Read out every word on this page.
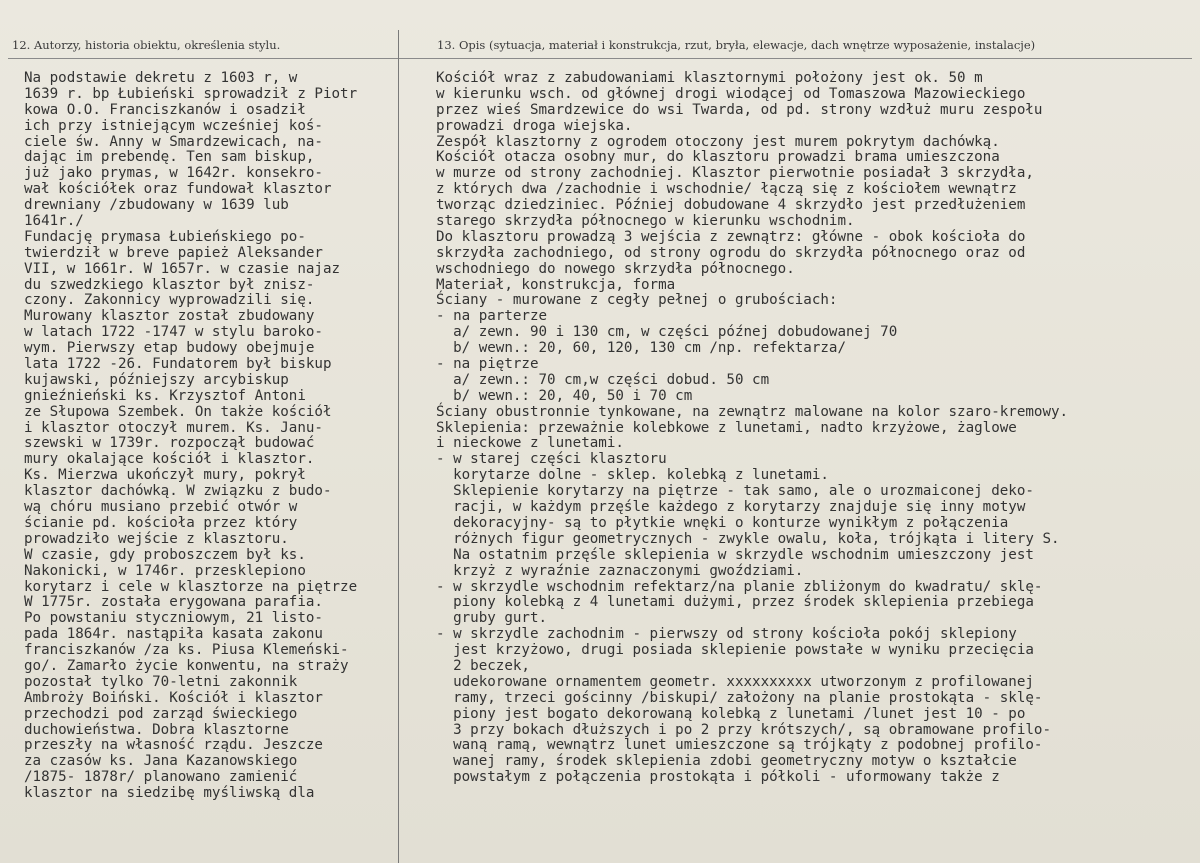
12. Autorzy, historia obiektu, określenia stylu.	13. Opis (sytuacja, materiał i konstrukcja, rzut, bryła, elewacje, dach wnętrze wyposażenie, instalacje)
Na podstawie dekretu z 1603 r, w
1639 r. bp Łubieński sprowadził z Piotr
kowa O.O. Franciszkanów i osadził
ich przy istniejącym wcześniej koś-
ciele św. Anny w Smardzewicach, na-
dając im prebendę. Ten sam biskup,
już jako prymas, w 1642r. konsekro-
wał kościółek oraz fundował klasztor
drewniany /zbudowany w 1639 lub
1641r./
Fundację prymasa Łubieńskiego po-
twierdził w breve papież Aleksander
VII, w 1661r. W 1657r. w czasie najaz
du szwedzkiego klasztor był znisz-
czony. Zakonnicy wyprowadzili się.
Murowany klasztor został zbudowany
w latach 1722 -1747 w stylu baroko-
wym. Pierwszy etap budowy obejmuje
lata 1722 -26. Fundatorem był biskup
kujawski, późniejszy arcybiskup
gnieźnieński ks. Krzysztof Antoni
ze Słupowa Szembek. On także kościół
i klasztor otoczył murem. Ks. Janu-
szewski w 1739r. rozpoczął budować
mury okalające kościół i klasztor.
Ks. Mierzwa ukończył mury, pokrył
klasztor dachówką. W związku z budo-
wą chóru musiano przebić otwór w
ścianie pd. kościoła przez który
prowadziło wejście z klasztoru.
W czasie, gdy proboszczem był ks.
Nakonicki, w 1746r. przesklepiono
korytarz i cele w klasztorze na piętrze
W 1775r. została erygowana parafia.
Po powstaniu styczniowym, 21 listo-
pada 1864r. nastąpiła kasata zakonu
franciszkanów /za ks. Piusa Klemeński-
go/. Zamarło życie konwentu, na straży
pozostał tylko 70-letni zakonnik
Ambroży Boiński. Kościół i klasztor
przechodzi pod zarząd świeckiego
duchowieństwa. Dobra klasztorne
przeszły na własność rządu. Jeszcze
za czasów ks. Jana Kazanowskiego
/1875- 1878r/ planowano zamienić
klasztor na siedzibę myśliwską dla
Kościół wraz z zabudowaniami klasztornymi położony jest ok. 50 m
w kierunku wsch. od głównej drogi wiodącej od Tomaszowa Mazowieckiego
przez wieś Smardzewice do wsi Twarda, od pd. strony wzdłuż muru zespołu
prowadzi droga wiejska.
Zespół klasztorny z ogrodem otoczony jest murem pokrytym dachówką.
Kościół otacza osobny mur, do klasztoru prowadzi brama umieszczona
w murze od strony zachodniej. Klasztor pierwotnie posiadał 3 skrzydła,
z których dwa /zachodnie i wschodnie/ łączą się z kościołem wewnątrz
tworząc dziedziniec. Później dobudowane 4 skrzydło jest przedłużeniem
starego skrzydła północnego w kierunku wschodnim.
Do klasztoru prowadzą 3 wejścia z zewnątrz: główne - obok kościoła do
skrzydła zachodniego, od strony ogrodu do skrzydła północnego oraz od
wschodniego do nowego skrzydła północnego.
Materiał, konstrukcja, forma
Ściany - murowane z cegły pełnej o grubościach:
- na parterze
a/ zewn. 90 i 130 cm, w części późnej dobudowanej 70
b/ wewn.: 20, 60, 120, 130 cm /np. refektarza/
- na piętrze
a/ zewn.: 70 cm,w części dobud. 50 cm
b/ wewn.: 20, 40, 50 i 70 cm
Ściany obustronnie tynkowane, na zewnątrz malowane na kolor szaro-kremowy.
Sklepienia: przeważnie kolebkowe z lunetami, nadto krzyżowe, żaglowe
i nieckowe z lunetami.
- w starej części klasztoru
korytarze dolne - sklep. kolebką z lunetami.
Sklepienie korytarzy na piętrze - tak samo, ale o urozmaiconej deko-
racji, w każdym przęśle każdego z korytarzy znajduje się inny motyw
dekoracyjny- są to płytkie wnęki o konturze wynikłym z połączenia
różnych figur geometrycznych - zwykle owalu, koła, trójkąta i litery S.
Na ostatnim przęśle sklepienia w skrzydle wschodnim umieszczony jest
krzyż z wyraźnie zaznaczonymi gwoździami.
- w skrzydle wschodnim refektarz/na planie zbliżonym do kwadratu/ sklę-
piony kolebką z 4 lunetami dużymi, przez środek sklepienia przebiega
gruby gurt.
- w skrzydle zachodnim - pierwszy od strony kościoła pokój sklepiony
jest krzyżowo, drugi posiada sklepienie powstałe w wyniku przecięcia
2 beczek,
udekorowane ornamentem geometr. xxxxxxxxxx utworzonym z profilowanej
ramy, trzeci gościnny /biskupi/ założony na planie prostokąta - sklę-
piony jest bogato dekorowaną kolebką z lunetami /lunet jest 10 - po
3 przy bokach dłuższych i po 2 przy krótszych/, są obramowane profilo-
waną ramą, wewnątrz lunet umieszczone są trójkąty z podobnej profilo-
wanej ramy, środek sklepienia zdobi geometryczny motyw o kształcie
powstałym z połączenia prostokąta i półkoli - uformowany także z
